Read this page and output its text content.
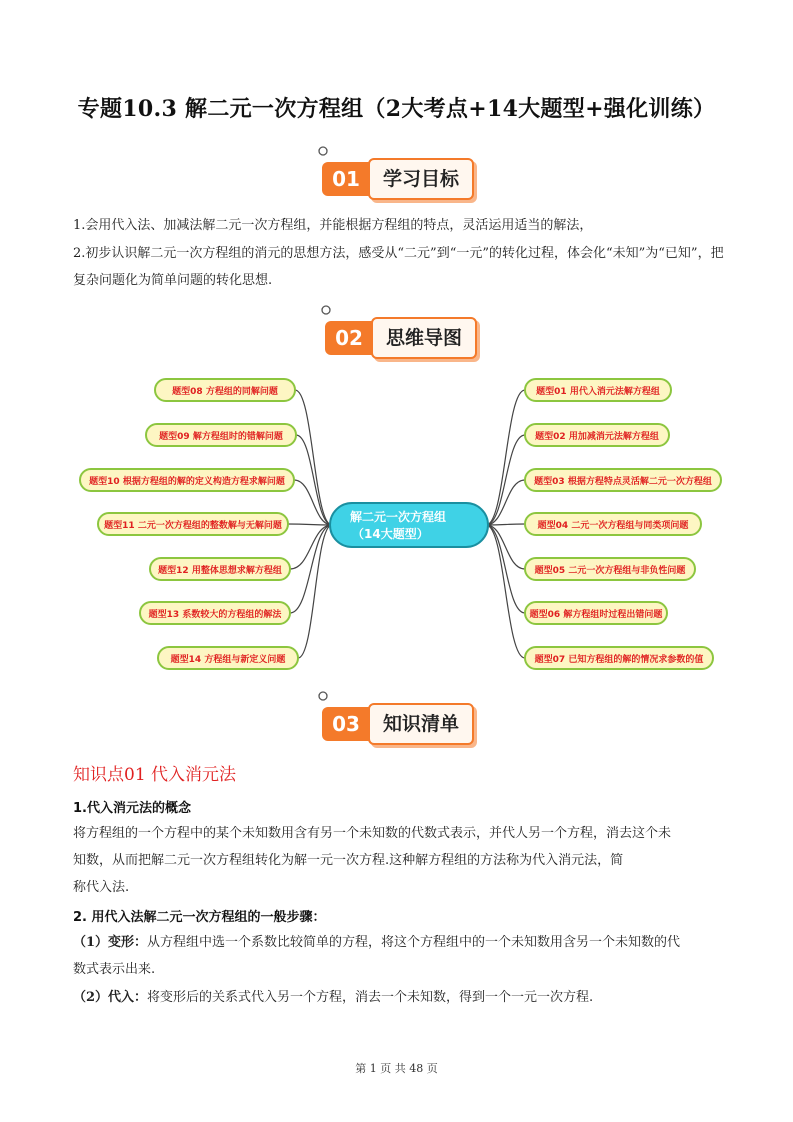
专题10.3 解二元一次方程组（2大考点+14大题型+强化训练）
01	学习目标
1.会用代入法、加减法解二元一次方程组，并能根据方程组的特点，灵活运用适当的解法，
2.初步认识解二元一次方程组的消元的思想方法，感受从“二元”到“一元”的转化过程，体会化“未知”为“已知”，把复杂问题化为简单问题的转化思想.
02	思维导图
题型08 方程组的同解问题
题型09 解方程组时的错解问题
题型10 根据方程组的解的定义构造方程求解问题
题型11 二元一次方程组的整数解与无解问题
题型12 用整体思想求解方程组
题型13 系数较大的方程组的解法
题型14 方程组与新定义问题
题型01 用代入消元法解方程组
题型02 用加减消元法解方程组
题型03 根据方程特点灵活解二元一次方程组
题型04 二元一次方程组与同类项问题
题型05 二元一次方程组与非负性问题
题型06 解方程组时过程出错问题
题型07 已知方程组的解的情况求参数的值
解二元一次方程组
（14大题型）
03	知识清单
知识点01 代入消元法
1.代入消元法的概念
将方程组的一个方程中的某个未知数用含有另一个未知数的代数式表示，并代人另一个方程，消去这个未
知数，从而把解二元一次方程组转化为解一元一次方程.这种解方程组的方法称为代入消元法，简
称代入法.
2. 用代入法解二元一次方程组的一般步骤：
（1）变形：从方程组中选一个系数比较简单的方程，将这个方程组中的一个未知数用含另一个未知数的代
数式表示出来.
（2）代入：将变形后的关系式代入另一个方程，消去一个未知数，得到一个一元一次方程.
第 1 页 共 48 页
